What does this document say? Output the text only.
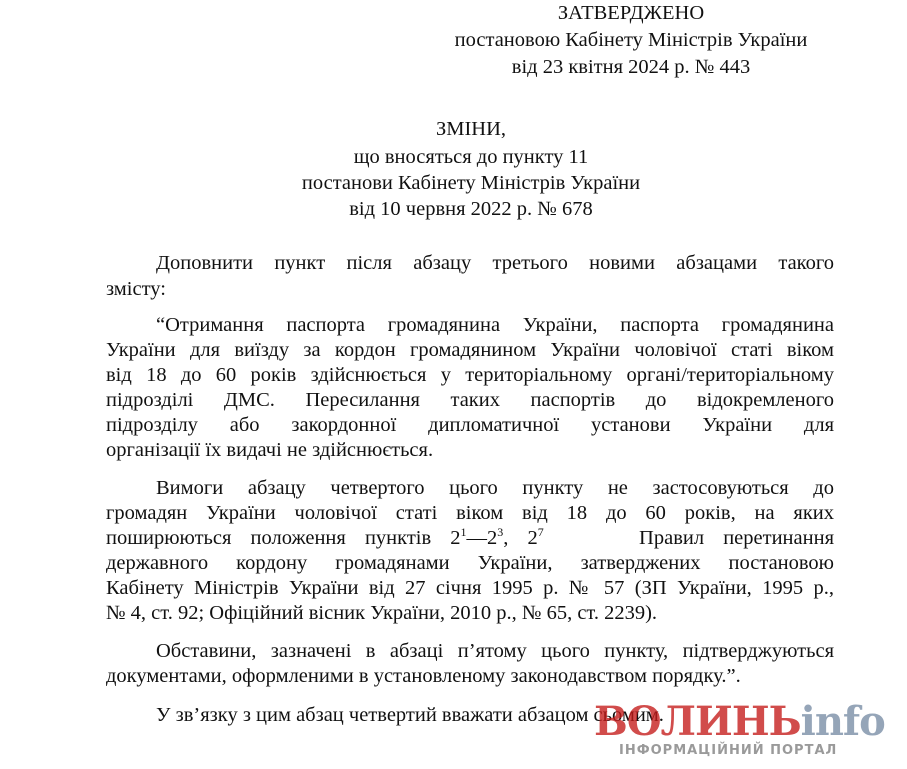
ЗАТВЕРДЖЕНО
постановою Кабінету Міністрів України
від 23 квітня 2024 р. № 443
ЗМІНИ,
що вносяться до пункту 11
постанови Кабінету Міністрів України
від 10 червня 2022 р. № 678
Доповнити пункт після абзацу третього новими абзацами такого
змісту:
“Отримання паспорта громадянина України, паспорта громадянина
України для виїзду за кордон громадянином України чоловічої статі віком
від 18 до 60 років здійснюється у територіальному органі/територіальному
підрозділі ДМС. Пересилання таких паспортів до відокремленого
підрозділу або закордонної дипломатичної установи України для
організації їх видачі не здійснюється.
Вимоги абзацу четвертого цього пункту не застосовуються до
громадян України чоловічої статі віком від 18 до 60 років, на яких
поширюються положення пунктів $2^1—2^3$, $2^7$	Правил перетинання
державного кордону громадянами України, затверджених постановою
Кабінету Міністрів України від 27 січня 1995 р. № 57 (ЗП України, 1995 р.,
№ 4, ст. 92; Офіційний вісник України, 2010 р., № 65, ст. 2239).
Обставини, зазначені в абзаці п’ятому цього пункту, підтверджуються
документами, оформленими в установленому законодавством порядку.”.
У зв’язку з цим абзац четвертий вважати абзацом сьомим.
ВОЛИНЬinfo
ІНФОРМАЦІЙНИЙ ПОРТАЛ
